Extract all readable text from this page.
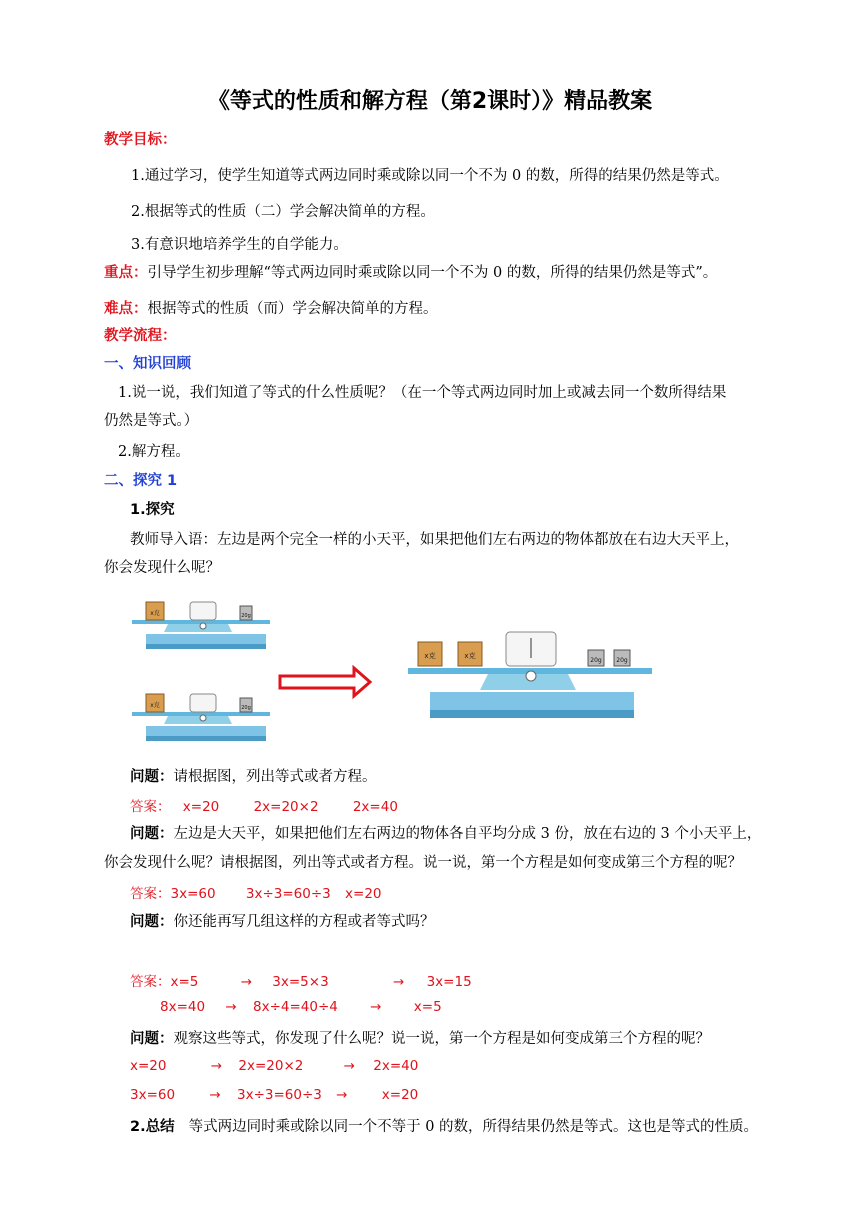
《等式的性质和解方程（第2课时）》精品教案
教学目标：
1.通过学习，使学生知道等式两边同时乘或除以同一个不为 0 的数，所得的结果仍然是等式。
2.根据等式的性质（二）学会解决简单的方程。
3.有意识地培养学生的自学能力。
重点：引导学生初步理解“等式两边同时乘或除以同一个不为 0 的数，所得的结果仍然是等式”。
难点：根据等式的性质（而）学会解决简单的方程。
教学流程：
一、知识回顾
1.说一说，我们知道了等式的什么性质呢？（在一个等式两边同时加上或减去同一个数所得结果
仍然是等式。）
2.解方程。
二、探究 1
1.探究
教师导入语：左边是两个完全一样的小天平，如果把他们左右两边的物体都放在右边大天平上，
你会发现什么呢？
x克	20g
x克	20g
x克	x克
20g 20g
问题：请根据图，列出等式或者方程。
答案： x=20	2x=20×2	2x=40
问题：左边是大天平，如果把他们左右两边的物体各自平均分成 3 份，放在右边的 3 个小天平上，
你会发现什么呢？请根据图，列出等式或者方程。说一说，第一个方程是如何变成第三个方程的呢？
答案：3x=60 3x÷3=60÷3 x=20
问题：你还能再写几组这样的方程或者等式吗？
答案：x=5	→ 3x=5×3	→ 3x=15
8x=40 → 8x÷4=40÷4 → x=5
问题：观察这些等式，你发现了什么呢？说一说，第一个方程是如何变成第三个方程的呢？
x=20	→ 2x=20×2	→ 2x=40
3x=60	→ 3x÷3=60÷3 →	x=20
2.总结 等式两边同时乘或除以同一个不等于 0 的数，所得结果仍然是等式。这也是等式的性质。
